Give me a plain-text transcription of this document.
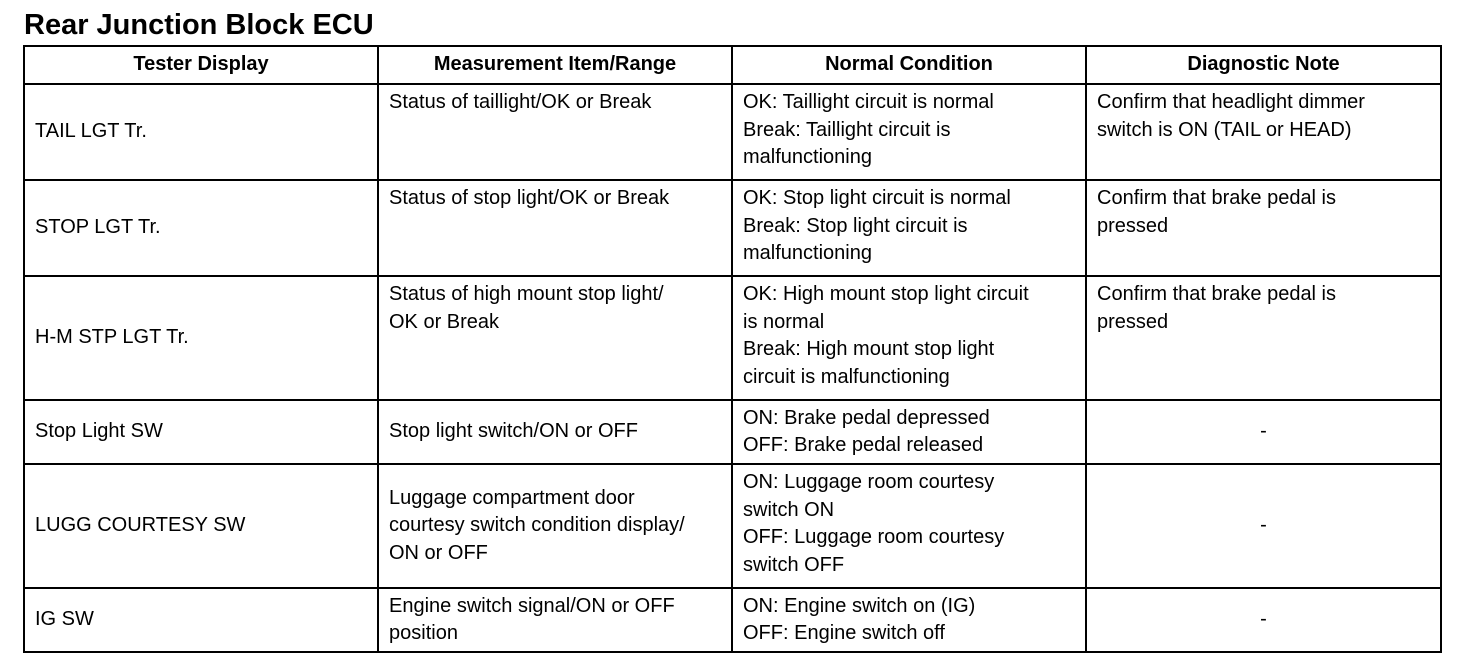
Rear Junction Block ECU
Tester Display	Measurement Item/Range	Normal Condition	Diagnostic Note
TAIL LGT Tr.	Status of taillight/OK or Break	OK: Taillight circuit is normal
Break: Taillight circuit is
malfunctioning	Confirm that headlight dimmer
switch is ON (TAIL or HEAD)

STOP LGT Tr.	Status of stop light/OK or Break	OK: Stop light circuit is normal
Break: Stop light circuit is
malfunctioning	Confirm that brake pedal is
pressed

H-M STP LGT Tr.	Status of high mount stop light/
OK or Break	OK: High mount stop light circuit
is normal
Break: High mount stop light
circuit is malfunctioning	Confirm that brake pedal is
pressed

Stop Light SW	Stop light switch/ON or OFF	ON: Brake pedal depressed
OFF: Brake pedal released	-
LUGG COURTESY SW	Luggage compartment door
courtesy switch condition display/
ON or OFF	ON: Luggage room courtesy
switch ON
OFF: Luggage room courtesy
switch OFF	-
IG SW	Engine switch signal/ON or OFF
position	ON: Engine switch on (IG)
OFF: Engine switch off	-
